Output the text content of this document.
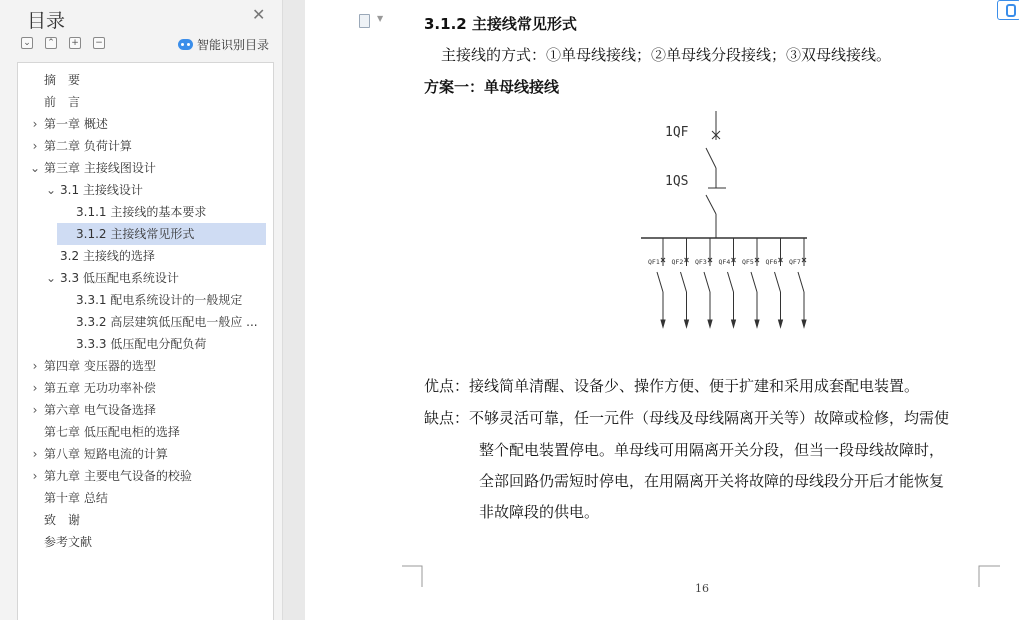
目录	✕
⌄ ⌃ + −	智能识别目录
摘　要
前　言
› 第一章 概述
› 第二章 负荷计算
⌄ 第三章 主接线图设计
⌄ 3.1 主接线设计
3.1.1 主接线的基本要求
3.1.2 主接线常见形式
3.2 主接线的选择
⌄ 3.3 低压配电系统设计
3.3.1 配电系统设计的一般规定
3.3.2 高层建筑低压配电一般应 ...
3.3.3 低压配电分配负荷
› 第四章 变压器的选型
› 第五章 无功功率补偿
› 第六章 电气设备选择
第七章 低压配电柜的选择
› 第八章 短路电流的计算
› 第九章 主要电气设备的校验
第十章 总结
致　谢
参考文献
▼	3.1.2 主接线常见形式
主接线的方式：①单母线接线；②单母线分段接线；③双母线接线。
方案一：单母线接线
QF1 QF2 QF3 QF4 QF5 QF6 QF7
1QF
1QS
优点：接线简单清醒、设备少、操作方便、便于扩建和采用成套配电装置。
缺点：不够灵活可靠，任一元件（母线及母线隔离开关等）故障或检修，均需使
整个配电装置停电。单母线可用隔离开关分段，但当一段母线故障时，
全部回路仍需短时停电，在用隔离开关将故障的母线段分开后才能恢复
非故障段的供电。
16
